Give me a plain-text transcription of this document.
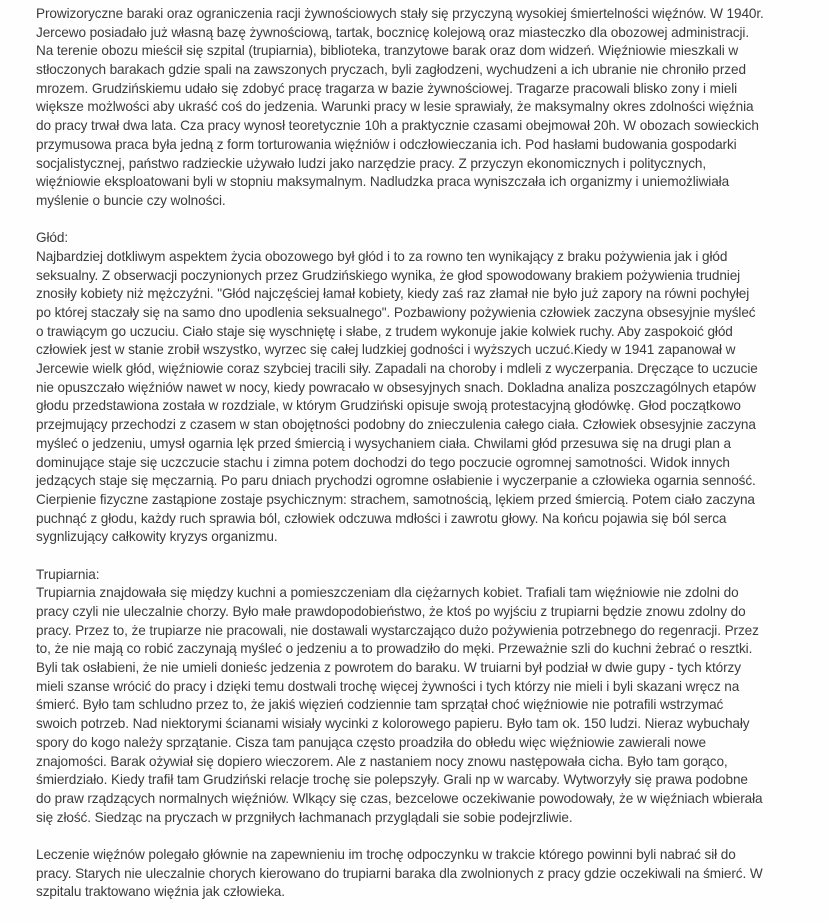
Prowizoryczne baraki oraz ograniczenia racji żywnościowych stały się przyczyną wysokiej śmiertelności więźnów. W 1940r.
Jercewo posiadało już własną bazę żywnościową, tartak, bocznicę kolejową oraz miasteczko dla obozowej administracji.
Na terenie obozu mieścił się szpital (trupiarnia), biblioteka, tranzytowe barak oraz dom widzeń. Więźniowie mieszkali w
stłoczonych barakach gdzie spali na zawszonych pryczach, byli zagłodzeni, wychudzeni a ich ubranie nie chroniło przed
mrozem. Grudzińskiemu udało się zdobyć pracę tragarza w bazie żywnościowej. Tragarze pracowali blisko zony i mieli
większe możlwości aby ukraść coś do jedzenia. Warunki pracy w lesie sprawiały, że maksymalny okres zdolności więźnia
do pracy trwał dwa lata. Cza pracy wynosł teoretycznie 10h a praktycznie czasami obejmował 20h. W obozach sowieckich
przymusowa praca była jedną z form torturowania więźniów i odczłowieczania ich. Pod hasłami budowania gospodarki
socjalistycznej, państwo radzieckie używało ludzi jako narzędzie pracy. Z przyczyn ekonomicznych i politycznych,
więźniowie eksploatowani byli w stopniu maksymalnym. Nadludzka praca wyniszczała ich organizmy i uniemożliwiała
myślenie o buncie czy wolności.
Głód:
Najbardziej dotkliwym aspektem życia obozowego był głód i to za rowno ten wynikający z braku pożywienia jak i głód
seksualny. Z obserwacji poczynionych przez Grudzińskiego wynika, że głod spowodowany brakiem pożywienia trudniej
znosiły kobiety niż mężczyźni. "Głód najczęściej łamał kobiety, kiedy zaś raz złamał nie było już zapory na równi pochyłej
po której staczały się na samo dno upodlenia seksualnego". Pozbawiony pożywienia człowiek zaczyna obsesyjnie myśleć
o trawiącym go uczuciu. Ciało staje się wyschniętę i słabe, z trudem wykonuje jakie kolwiek ruchy. Aby zaspokoić głód
człowiek jest w stanie zrobił wszystko, wyrzec się całej ludzkiej godności i wyższych uczuć.Kiedy w 1941 zapanował w
Jercewie wielk głód, więźniowie coraz szybciej tracili siły. Zapadali na choroby i mdleli z wyczerpania. Dręczące to uczucie
nie opuszczało więźniów nawet w nocy, kiedy powracało w obsesyjnych snach. Dokladna analiza poszczagólnych etapów
głodu przedstawiona została w rozdziale, w którym Grudziński opisuje swoją protestacyjną głodówkę. Głod początkowo
przejmujący przechodzi z czasem w stan obojętności podobny do znieczulenia całego ciała. Człowiek obsesyjnie zaczyna
myśleć o jedzeniu, umysł ogarnia lęk przed śmiercią i wysychaniem ciała. Chwilami głód przesuwa się na drugi plan a
dominujące staje się uczczucie stachu i zimna potem dochodzi do tego poczucie ogromnej samotności. Widok innych
jedzących staje się męczarnią. Po paru dniach prychodzi ogromne osłabienie i wyczerpanie a człowieka ogarnia senność.
Cierpienie fizyczne zastąpione zostaje psychicznym: strachem, samotnością, lękiem przed śmiercią. Potem ciało zaczyna
puchnąć z głodu, każdy ruch sprawia ból, człowiek odczuwa mdłości i zawrotu głowy. Na końcu pojawia się ból serca
sygnlizujący całkowity kryzys organizmu.
Trupiarnia:
Trupiarnia znajdowała się między kuchni a pomieszczeniam dla ciężarnych kobiet. Trafiali tam więźniowie nie zdolni do
pracy czyli nie uleczalnie chorzy. Było małe prawdopodobieństwo, że ktoś po wyjściu z trupiarni będzie znowu zdolny do
pracy. Przez to, że trupiarze nie pracowali, nie dostawali wystarczająco dużo pożywienia potrzebnego do regenracji. Przez
to, że nie mają co robić zaczynają myśleć o jedzeniu a to prowadziło do męki. Przeważnie szli do kuchni żebrać o resztki.
Byli tak osłabieni, że nie umieli donieśc jedzenia z powrotem do baraku. W truiarni był podział w dwie gupy - tych którzy
mieli szanse wrócić do pracy i dzięki temu dostwali trochę więcej żywności i tych którzy nie mieli i byli skazani wręcz na
śmierć. Było tam schludno przez to, że jakiś więzień codziennie tam sprzątał choć więźniowie nie potrafili wstrzymać
swoich potrzeb. Nad niektorymi ścianami wisiały wycinki z kolorowego papieru. Było tam ok. 150 ludzi. Nieraz wybuchały
spory do kogo należy sprzątanie. Cisza tam panująca często proadziła do obłedu więc więźniowie zawierali nowe
znajomości. Barak ożywiał się dopiero wieczorem. Ale z nastaniem nocy znowu następowała cicha. Było tam gorąco,
śmierdziało. Kiedy trafił tam Grudziński relacje trochę sie polepszyły. Grali np w warcaby. Wytworzyły się prawa podobne
do praw rządzących normalnych więźniów. Wlkący się czas, bezcelowe oczekiwanie powodowały, że w więźniach wbierała
się złość. Siedząc na pryczach w przgniłych łachmanach przyglądali sie sobie podejrzliwie.
Leczenie więźnów polegało głównie na zapewnieniu im trochę odpoczynku w trakcie którego powinni byli nabrać sił do
pracy. Starych nie uleczalnie chorych kierowano do trupiarni baraka dla zwolnionych z pracy gdzie oczekiwali na śmierć. W
szpitalu traktowano więźnia jak człowieka.
